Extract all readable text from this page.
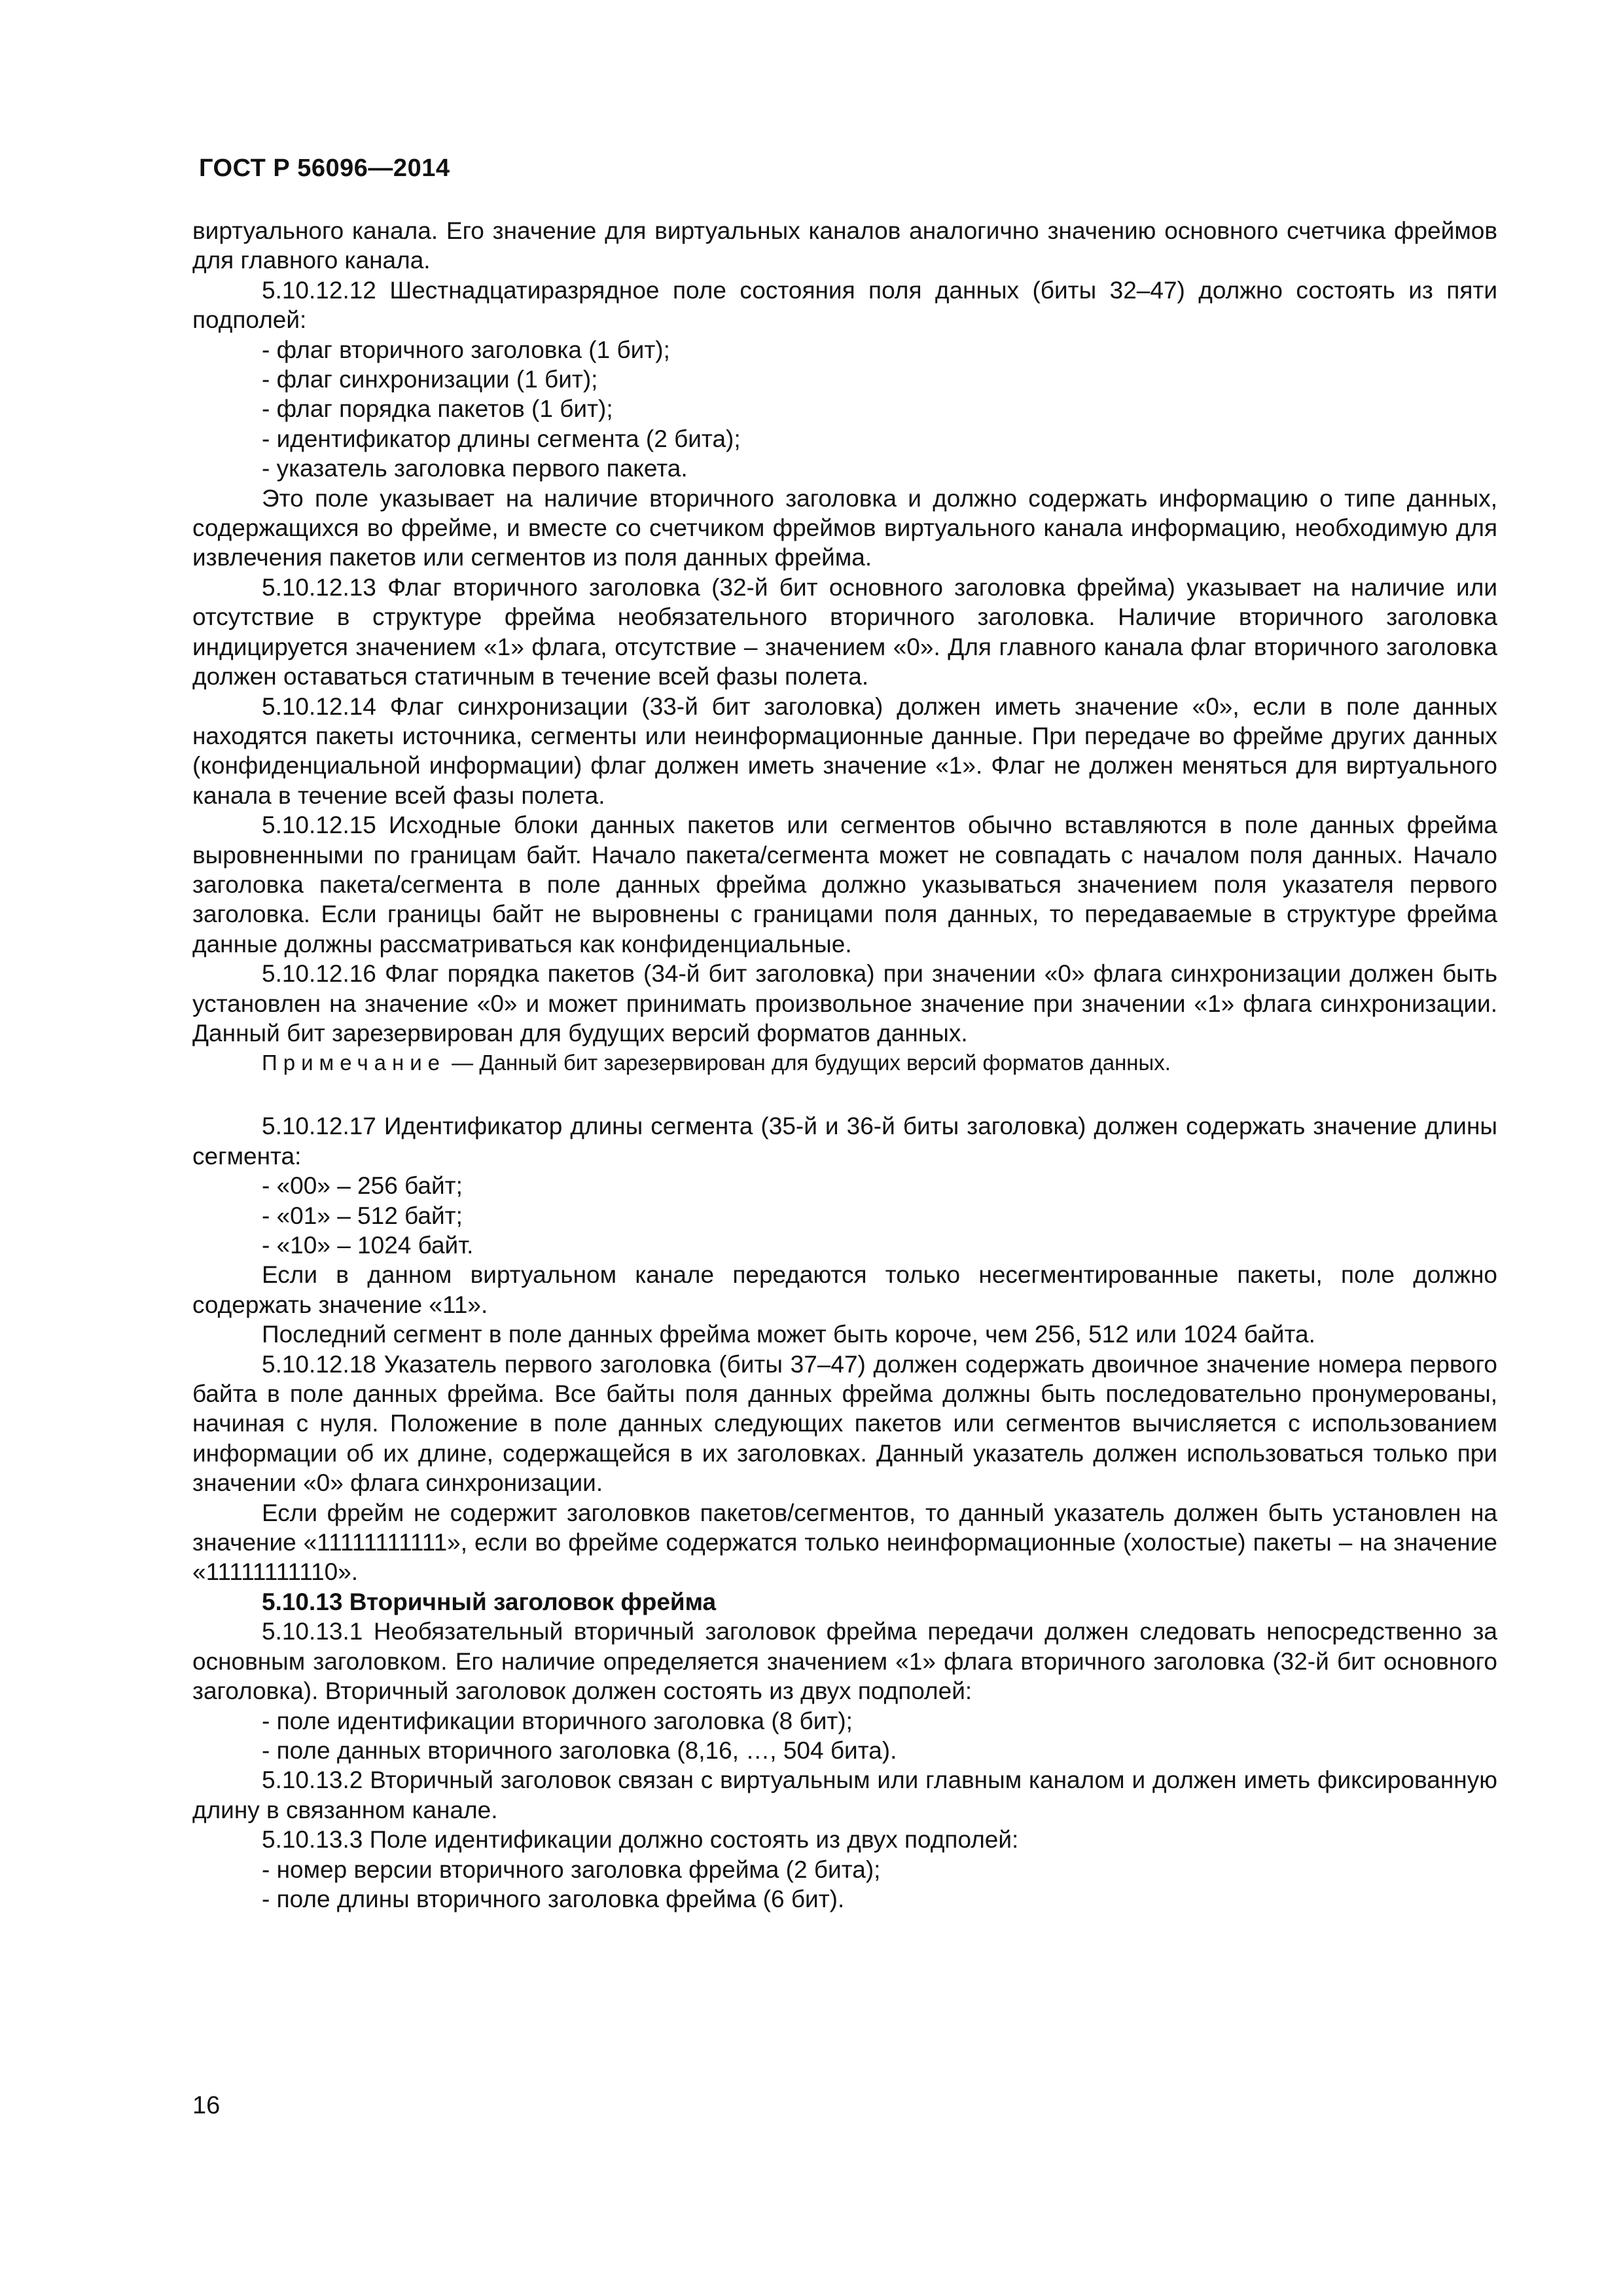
ГОСТ Р 56096—2014

виртуального канала. Его значение для виртуальных каналов аналогично значению основного счетчика фреймов для главного канала.

5.10.12.12 Шестнадцатиразрядное поле состояния поля данных (биты 32–47) должно состоять из пяти подполей:

- флаг вторичного заголовка (1 бит);

- флаг синхронизации (1 бит);

- флаг порядка пакетов (1 бит);

- идентификатор длины сегмента (2 бита);

- указатель заголовка первого пакета.

Это поле указывает на наличие вторичного заголовка и должно содержать информацию о типе данных, содержащихся во фрейме, и вместе со счетчиком фреймов виртуального канала информацию, необходимую для извлечения пакетов или сегментов из поля данных фрейма.

5.10.12.13 Флаг вторичного заголовка (32-й бит основного заголовка фрейма) указывает на наличие или отсутствие в структуре фрейма необязательного вторичного заголовка. Наличие вторичного заголовка индицируется значением «1» флага, отсутствие – значением «0». Для главного канала флаг вторичного заголовка должен оставаться статичным в течение всей фазы полета.

5.10.12.14 Флаг синхронизации (33-й бит заголовка) должен иметь значение «0», если в поле данных находятся пакеты источника, сегменты или неинформационные данные. При передаче во фрейме других данных (конфиденциальной информации) флаг должен иметь значение «1». Флаг не должен меняться для виртуального канала в течение всей фазы полета.

5.10.12.15 Исходные блоки данных пакетов или сегментов обычно вставляются в поле данных фрейма выровненными по границам байт. Начало пакета/сегмента может не совпадать с началом поля данных. Начало заголовка пакета/сегмента в поле данных фрейма должно указываться значением поля указателя первого заголовка. Если границы байт не выровнены с границами поля данных, то передаваемые в структуре фрейма данные должны рассматриваться как конфиденциальные.

5.10.12.16 Флаг порядка пакетов (34-й бит заголовка) при значении «0» флага синхронизации должен быть установлен на значение «0» и может принимать произвольное значение при значении «1» флага синхронизации. Данный бит зарезервирован для будущих версий форматов данных.

Примечание — Данный бит зарезервирован для будущих версий форматов данных.

5.10.12.17 Идентификатор длины сегмента (35-й и 36-й биты заголовка) должен содержать значение длины сегмента:

- «00» – 256 байт;

- «01» – 512 байт;

- «10» – 1024 байт.

Если в данном виртуальном канале передаются только несегментированные пакеты, поле должно содержать значение «11».

Последний сегмент в поле данных фрейма может быть короче, чем 256, 512 или 1024 байта.

5.10.12.18 Указатель первого заголовка (биты 37–47) должен содержать двоичное значение номера первого байта в поле данных фрейма. Все байты поля данных фрейма должны быть последовательно пронумерованы, начиная с нуля. Положение в поле данных следующих пакетов или сегментов вычисляется с использованием информации об их длине, содержащейся в их заголовках. Данный указатель должен использоваться только при значении «0» флага синхронизации.

Если фрейм не содержит заголовков пакетов/сегментов, то данный указатель должен быть установлен на значение «11111111111», если во фрейме содержатся только неинформационные (холостые) пакеты – на значение «11111111110».

5.10.13 Вторичный заголовок фрейма

5.10.13.1 Необязательный вторичный заголовок фрейма передачи должен следовать непосредственно за основным заголовком. Его наличие определяется значением «1» флага вторичного заголовка (32-й бит основного заголовка). Вторичный заголовок должен состоять из двух подполей:

- поле идентификации вторичного заголовка (8 бит);

- поле данных вторичного заголовка (8,16, …, 504 бита).

5.10.13.2 Вторичный заголовок связан с виртуальным или главным каналом и должен иметь фиксированную длину в связанном канале.

5.10.13.3 Поле идентификации должно состоять из двух подполей:

- номер версии вторичного заголовка фрейма (2 бита);

- поле длины вторичного заголовка фрейма (6 бит).

16
